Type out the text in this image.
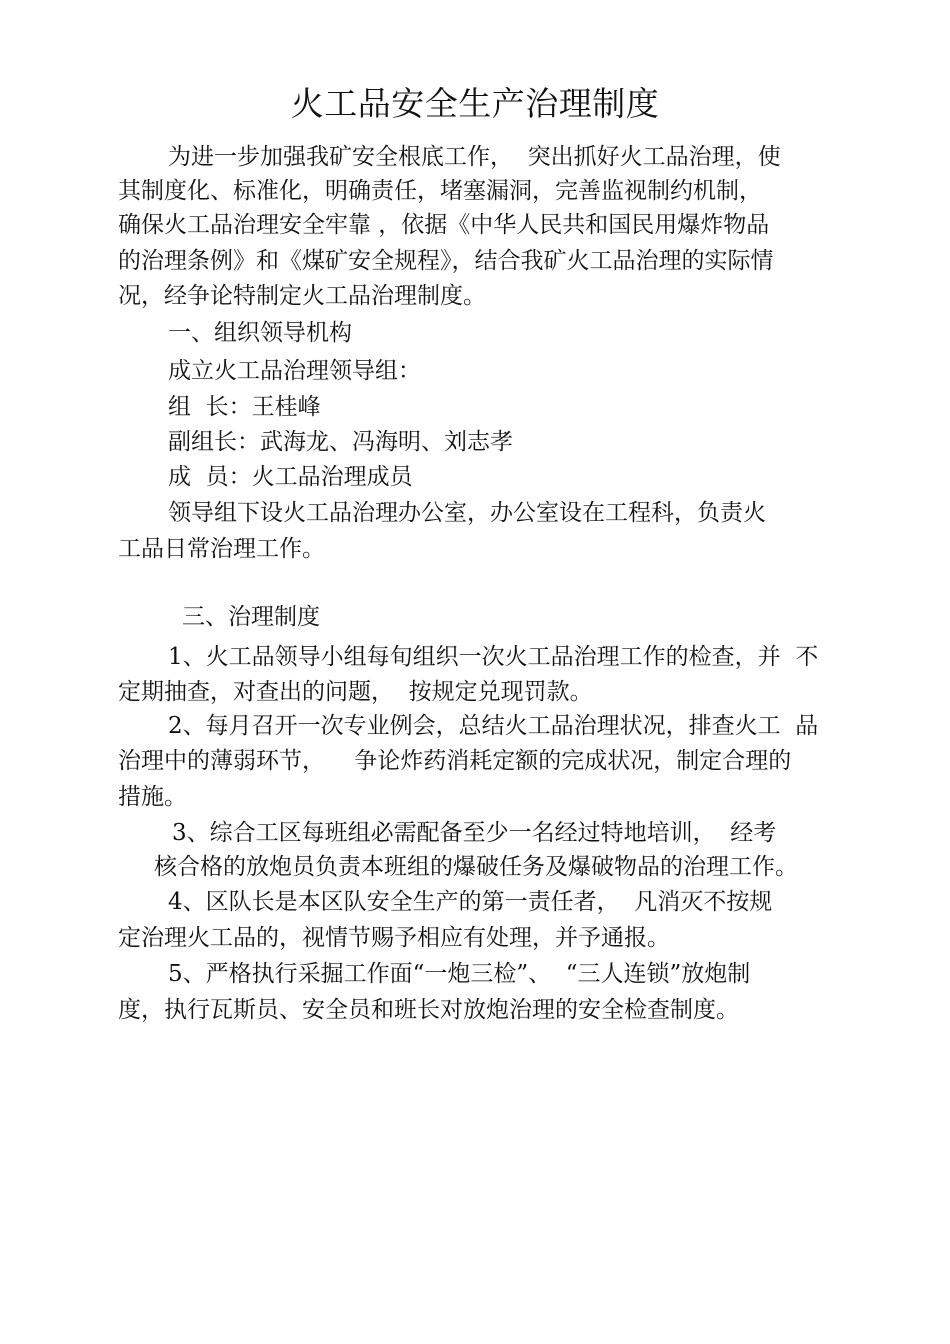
火工品安全生产治理制度
为进一步加强我矿安全根底工作，  突出抓好火工品治理，使
其制度化、标准化，明确责任，堵塞漏洞，完善监视制约机制，
确保火工品治理安全牢靠 ，依据《中华人民共和国民用爆炸物品
的治理条例》和《煤矿安全规程》，结合我矿火工品治理的实际情
况，经争论特制定火工品治理制度。
一、组织领导机构
成立火工品治理领导组：
组  长：王桂峰
副组长：武海龙、冯海明、刘志孝
成  员：火工品治理成员
领导组下设火工品治理办公室，办公室设在工程科，负责火
工品日常治理工作。
三、治理制度
1、火工品领导小组每旬组织一次火工品治理工作的检查，并  不
定期抽查，对查出的问题，  按规定兑现罚款。
2、每月召开一次专业例会，总结火工品治理状况，排查火工  品
治理中的薄弱环节，    争论炸药消耗定额的完成状况，制定合理的
措施。
3、综合工区每班组必需配备至少一名经过特地培训，  经考
核合格的放炮员负责本班组的爆破任务及爆破物品的治理工作。
4、区队长是本区队安全生产的第一责任者，  凡消灭不按规
定治理火工品的，视情节赐予相应有处理，并予通报。
5、严格执行采掘工作面“一炮三检”、  “三人连锁”放炮制
度，执行瓦斯员、安全员和班长对放炮治理的安全检查制度。
